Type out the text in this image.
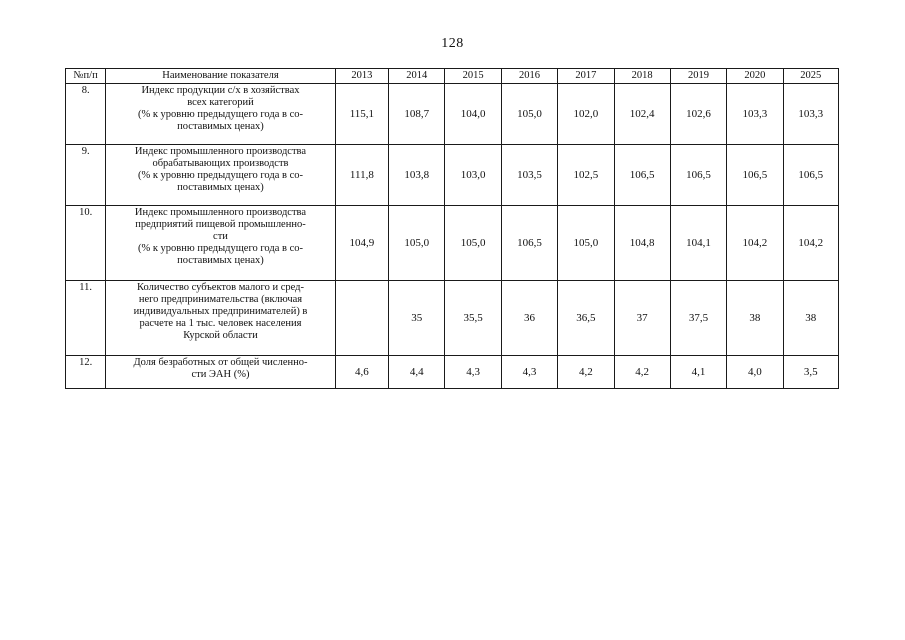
128
№п/п	Наименование показателя	2013	2014	2015	2016	2017	2018	2019	2020	2025
8.	Индекс продукции с/х в хозяйствах
всех категорий
(% к уровню предыдущего года в со-
поставимых ценах)	115,1	108,7	104,0	105,0	102,0	102,4	102,6	103,3	103,3
9.	Индекс промышленного производства
обрабатывающих производств
(% к уровню предыдущего года в со-
поставимых ценах)	111,8	103,8	103,0	103,5	102,5	106,5	106,5	106,5	106,5
10.	Индекс промышленного производства
предприятий пищевой промышленно-
сти
(% к уровню предыдущего года в со-
поставимых ценах)	104,9	105,0	105,0	106,5	105,0	104,8	104,1	104,2	104,2
11.	Количество субъектов малого и сред-
него предпринимательства (включая
индивидуальных предпринимателей) в
расчете на 1 тыс. человек населения
Курской области		35	35,5	36	36,5	37	37,5	38	38
12.	Доля безработных от общей численно-
сти ЭАН (%)	4,6	4,4	4,3	4,3	4,2	4,2	4,1	4,0	3,5
